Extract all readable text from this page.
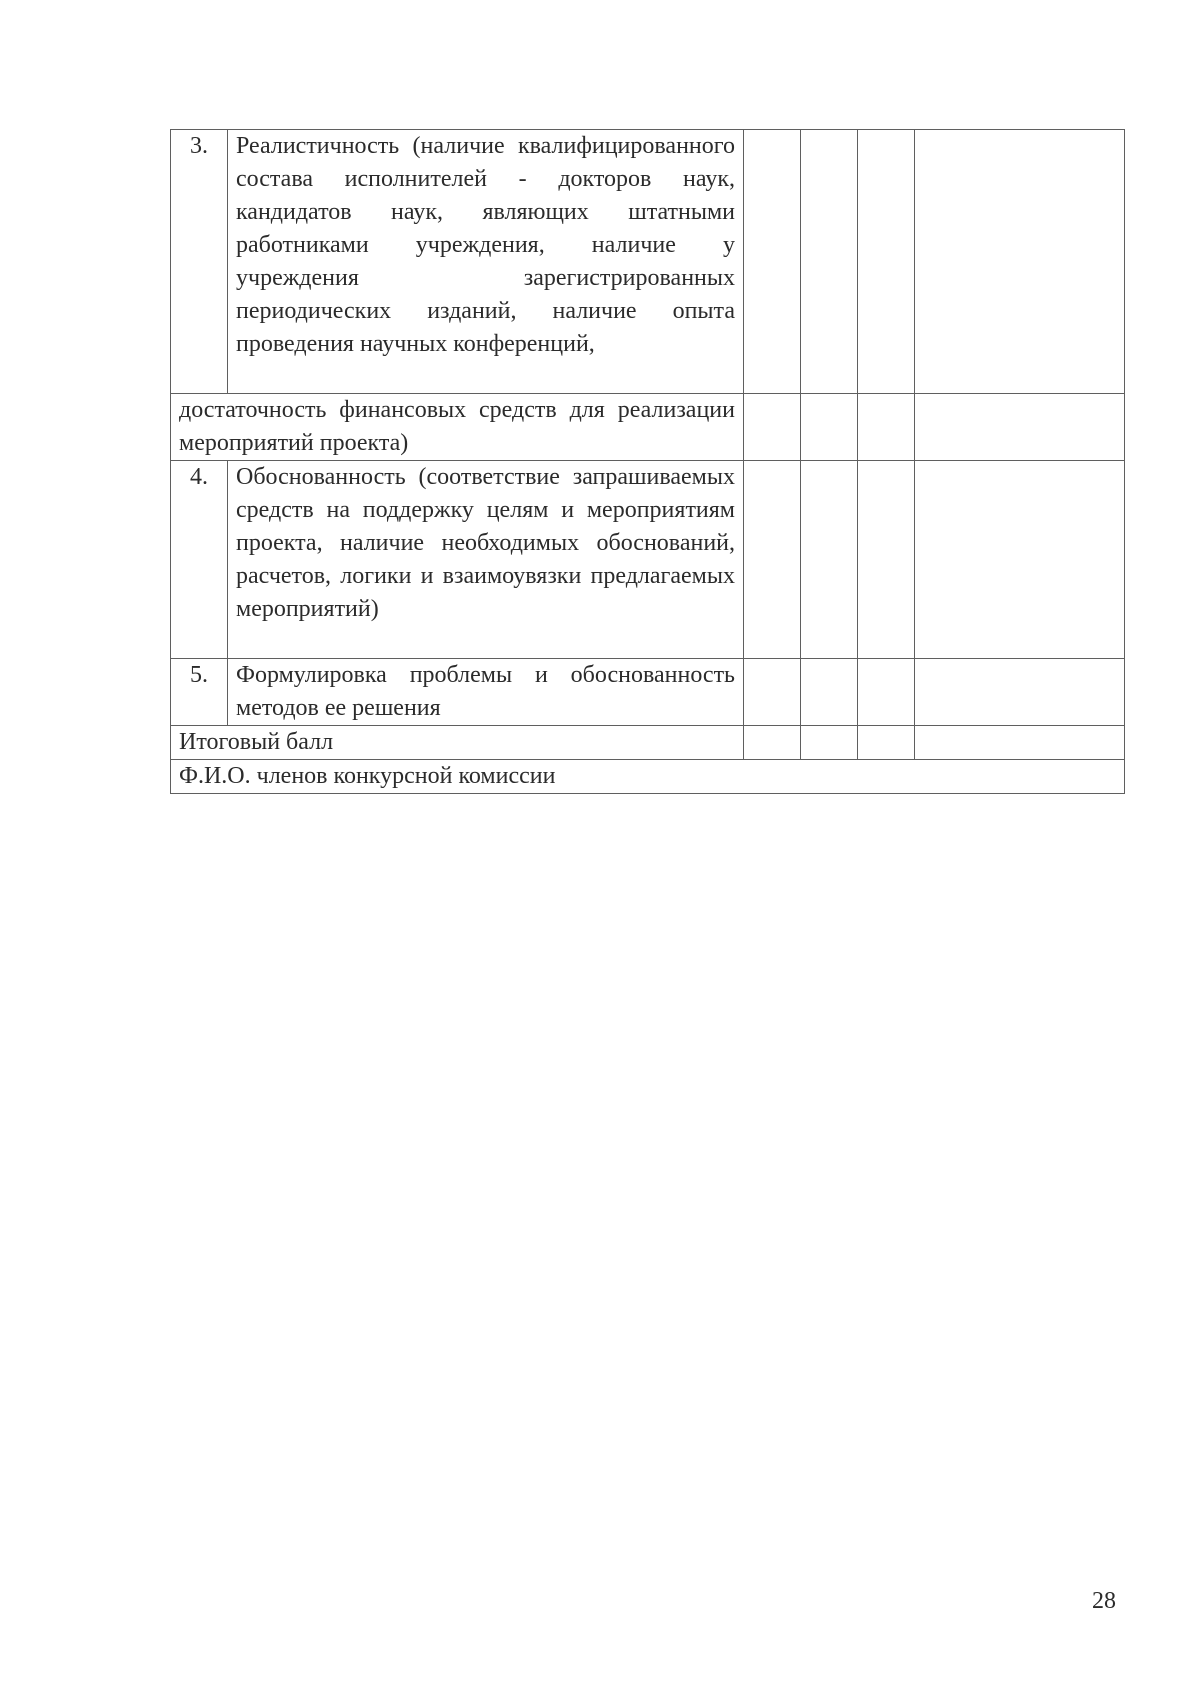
3.	Реалистичность (наличие квалифицированного состава исполнителей - докторов наук, кандидатов наук, являющих штатными работниками учреждения, наличие у учреждения зарегистрированных периодических изданий, наличие опыта проведения научных конференций,				
достаточность финансовых средств для реализации мероприятий проекта)					
4.	Обоснованность (соответствие запрашиваемых средств на поддержку целям и мероприятиям проекта, наличие необходимых обоснований, расчетов, логики и взаимоувязки предлагаемых мероприятий)				
5.	Формулировка проблемы и обоснованность методов ее решения				
Итоговый балл					
Ф.И.О. членов конкурсной комиссии					
28
